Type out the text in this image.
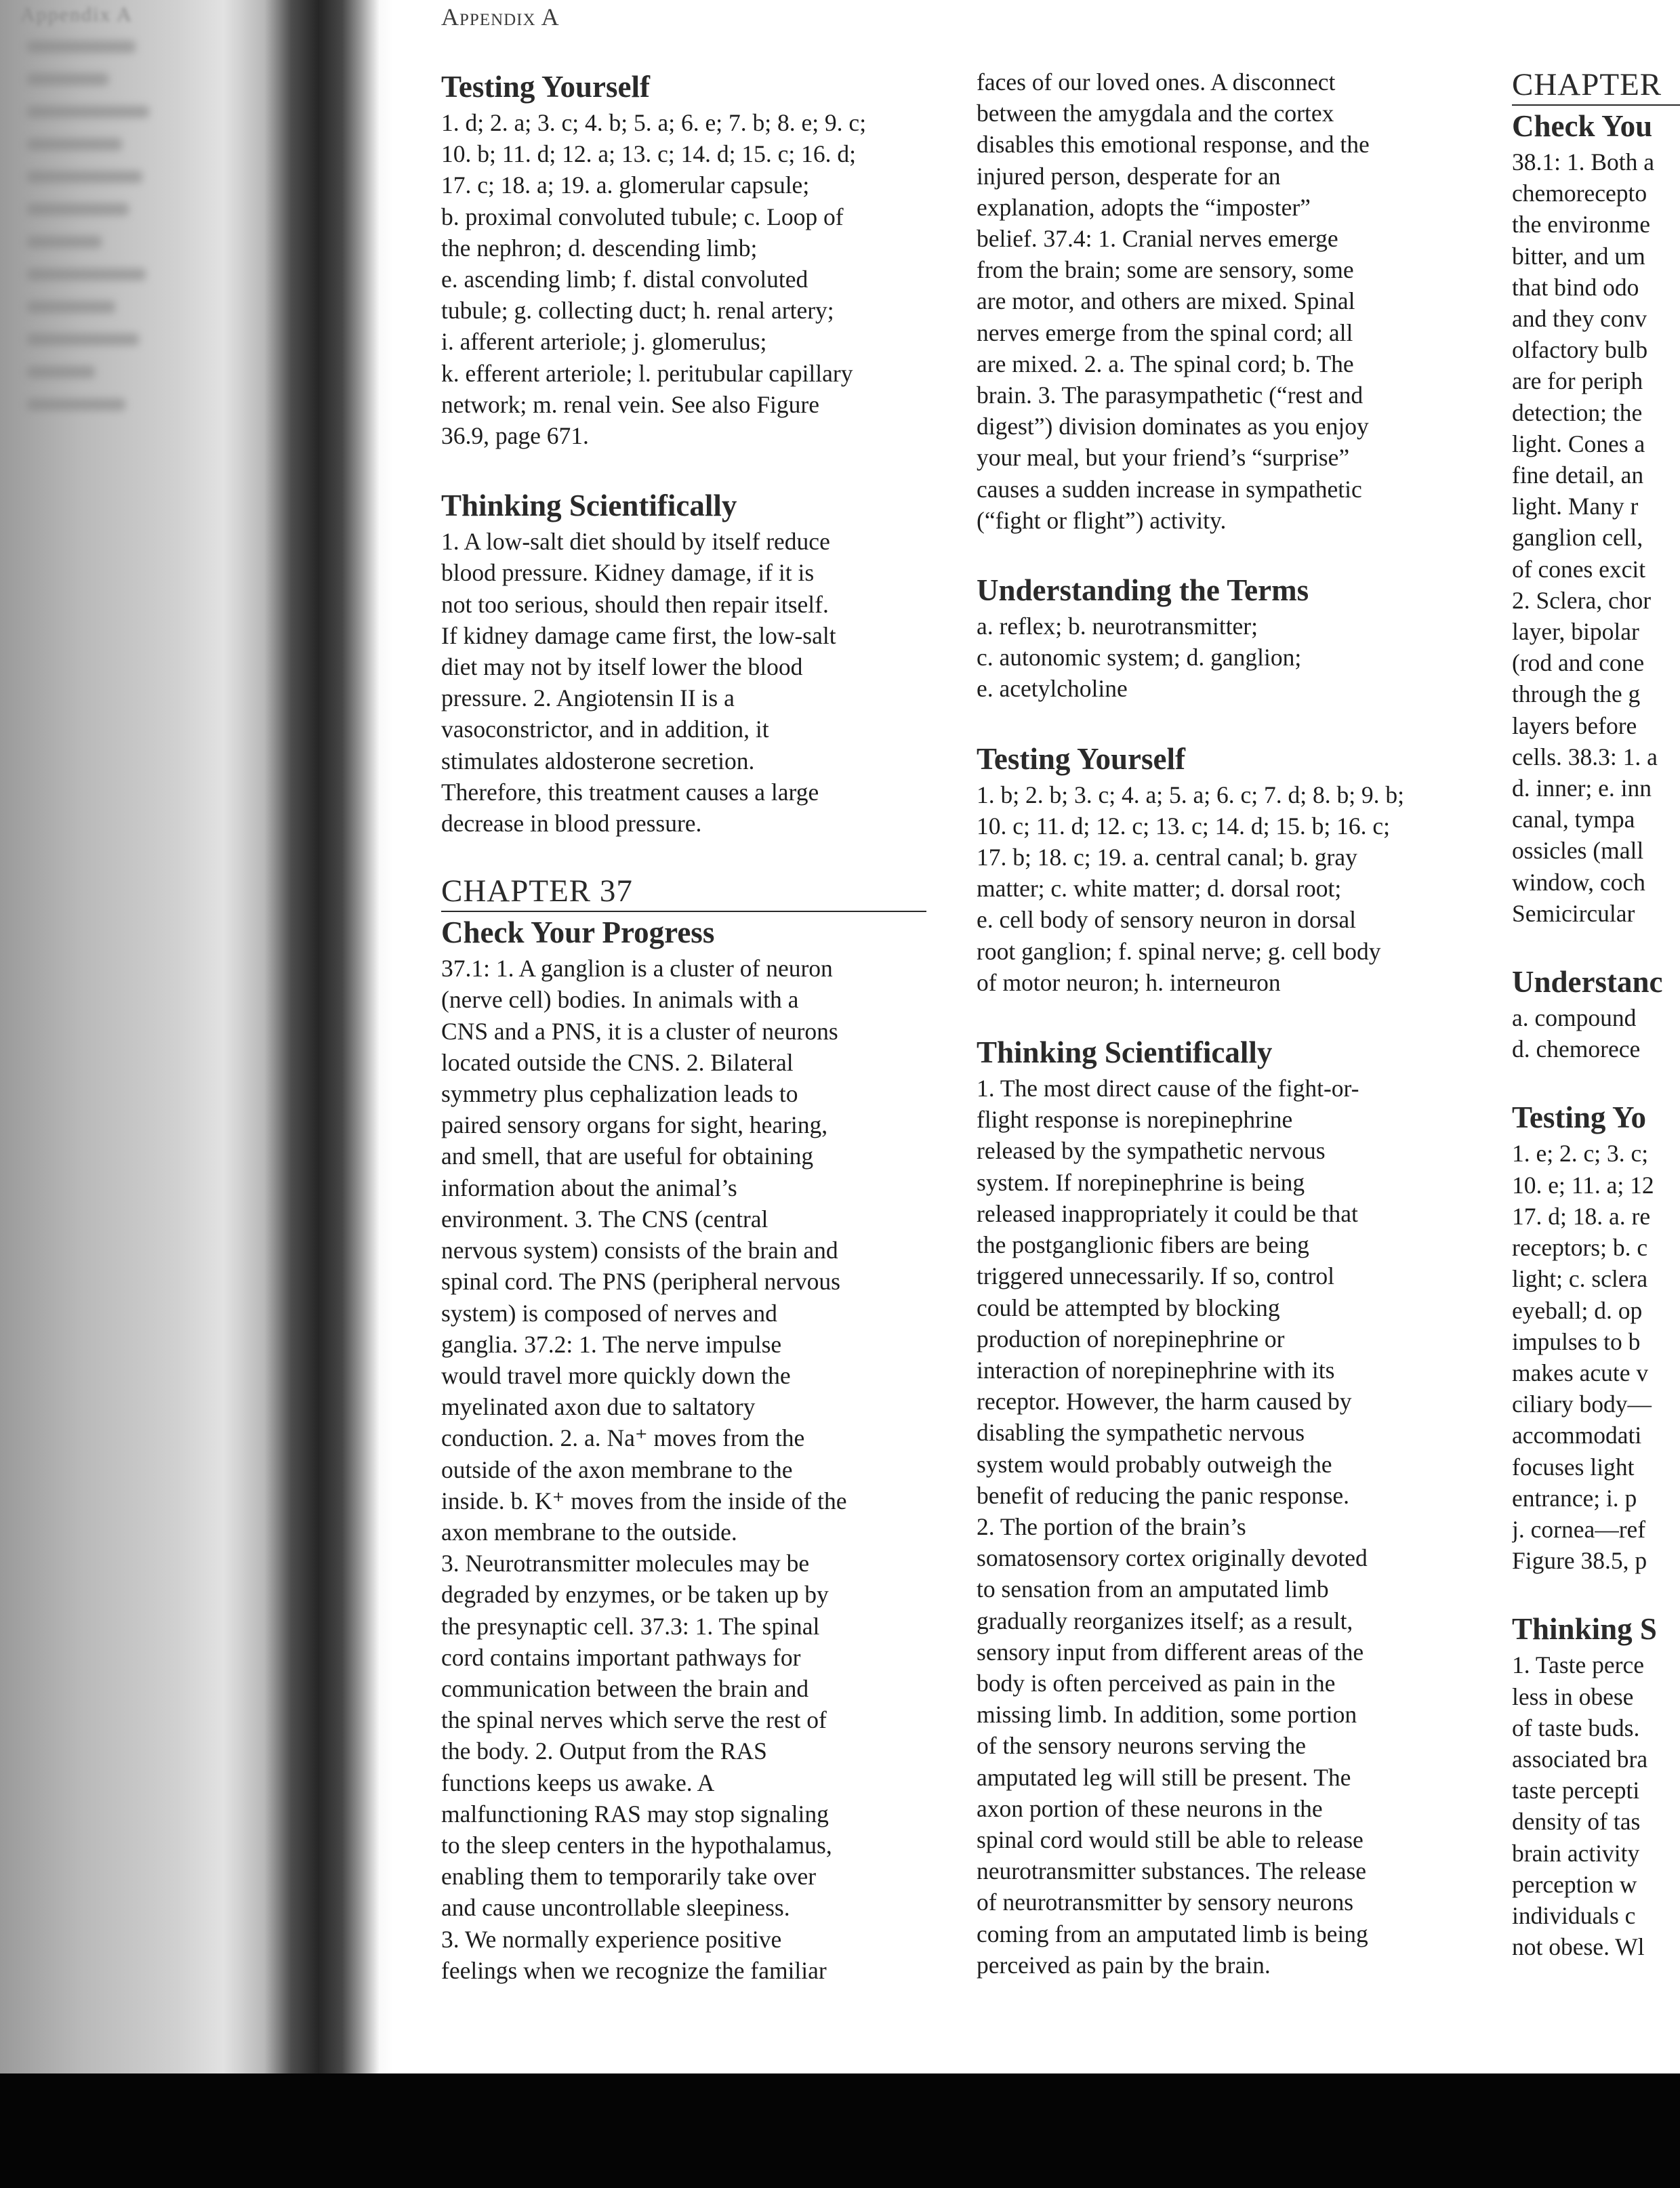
Appendix A	Appendix A
Testing Yourself

1. d; 2. a; 3. c; 4. b; 5. a; 6. e; 7. b; 8. e; 9. c;
10. b; 11. d; 12. a; 13. c; 14. d; 15. c; 16. d;
17. c; 18. a; 19. a. glomerular capsule;
b. proximal convoluted tubule; c. Loop of
the nephron; d. descending limb;
e. ascending limb; f. distal convoluted
tubule; g. collecting duct; h. renal artery;
i. afferent arteriole; j. glomerulus;
k. efferent arteriole; l. peritubular capillary
network; m. renal vein. See also Figure
36.9, page 671.

Thinking Scientifically

1. A low-salt diet should by itself reduce
blood pressure. Kidney damage, if it is
not too serious, should then repair itself.
If kidney damage came first, the low-salt
diet may not by itself lower the blood
pressure. 2. Angiotensin II is a
vasoconstrictor, and in addition, it
stimulates aldosterone secretion.
Therefore, this treatment causes a large
decrease in blood pressure.

CHAPTER 37
Check Your Progress

37.1: 1. A ganglion is a cluster of neuron
(nerve cell) bodies. In animals with a
CNS and a PNS, it is a cluster of neurons
located outside the CNS. 2. Bilateral
symmetry plus cephalization leads to
paired sensory organs for sight, hearing,
and smell, that are useful for obtaining
information about the animal’s
environment. 3. The CNS (central
nervous system) consists of the brain and
spinal cord. The PNS (peripheral nervous
system) is composed of nerves and
ganglia. 37.2: 1. The nerve impulse
would travel more quickly down the
myelinated axon due to saltatory
conduction. 2. a. Na⁺ moves from the
outside of the axon membrane to the
inside. b. K⁺ moves from the inside of the
axon membrane to the outside.
3. Neurotransmitter molecules may be
degraded by enzymes, or be taken up by
the presynaptic cell. 37.3: 1. The spinal
cord contains important pathways for
communication between the brain and
the spinal nerves which serve the rest of
the body. 2. Output from the RAS
functions keeps us awake. A
malfunctioning RAS may stop signaling
to the sleep centers in the hypothalamus,
enabling them to temporarily take over
and cause uncontrollable sleepiness.
3. We normally experience positive
feelings when we recognize the familiar

faces of our loved ones. A disconnect
between the amygdala and the cortex
disables this emotional response, and the
injured person, desperate for an
explanation, adopts the “imposter”
belief. 37.4: 1. Cranial nerves emerge
from the brain; some are sensory, some
are motor, and others are mixed. Spinal
nerves emerge from the spinal cord; all
are mixed. 2. a. The spinal cord; b. The
brain. 3. The parasympathetic (“rest and
digest”) division dominates as you enjoy
your meal, but your friend’s “surprise”
causes a sudden increase in sympathetic
(“fight or flight”) activity.

Understanding the Terms

a. reflex; b. neurotransmitter;
c. autonomic system; d. ganglion;
e. acetylcholine

Testing Yourself

1. b; 2. b; 3. c; 4. a; 5. a; 6. c; 7. d; 8. b; 9. b;
10. c; 11. d; 12. c; 13. c; 14. d; 15. b; 16. c;
17. b; 18. c; 19. a. central canal; b. gray
matter; c. white matter; d. dorsal root;
e. cell body of sensory neuron in dorsal
root ganglion; f. spinal nerve; g. cell body
of motor neuron; h. interneuron

Thinking Scientifically

1. The most direct cause of the fight-or-
flight response is norepinephrine
released by the sympathetic nervous
system. If norepinephrine is being
released inappropriately it could be that
the postganglionic fibers are being
triggered unnecessarily. If so, control
could be attempted by blocking
production of norepinephrine or
interaction of norepinephrine with its
receptor. However, the harm caused by
disabling the sympathetic nervous
system would probably outweigh the
benefit of reducing the panic response.
2. The portion of the brain’s
somatosensory cortex originally devoted
to sensation from an amputated limb
gradually reorganizes itself; as a result,
sensory input from different areas of the
body is often perceived as pain in the
missing limb. In addition, some portion
of the sensory neurons serving the
amputated leg will still be present. The
axon portion of these neurons in the
spinal cord would still be able to release
neurotransmitter substances. The release
of neurotransmitter by sensory neurons
coming from an amputated limb is being
perceived as pain by the brain.

CHAPTER
Check You

38.1: 1. Both a
chemorecepto
the environme
bitter, and um
that bind odo
and they conv
olfactory bulb
are for periph
detection; the
light. Cones a
fine detail, an
light. Many r
ganglion cell,
of cones excit
2. Sclera, chor
layer, bipolar
(rod and cone
through the g
layers before
cells. 38.3: 1. a
d. inner; e. inn
canal, tympa
ossicles (mall
window, coch
Semicircular

Understanc

a. compound
d. chemorece

Testing Yo

1. e; 2. c; 3. c;
10. e; 11. a; 12
17. d; 18. a. re
receptors; b. c
light; c. sclera
eyeball; d. op
impulses to b
makes acute v
ciliary body—
accommodati
focuses light
entrance; i. p
j. cornea—ref
Figure 38.5, p

Thinking S

1. Taste perce
less in obese
of taste buds.
associated bra
taste percepti
density of tas
brain activity
perception w
individuals c
not obese. Wl
